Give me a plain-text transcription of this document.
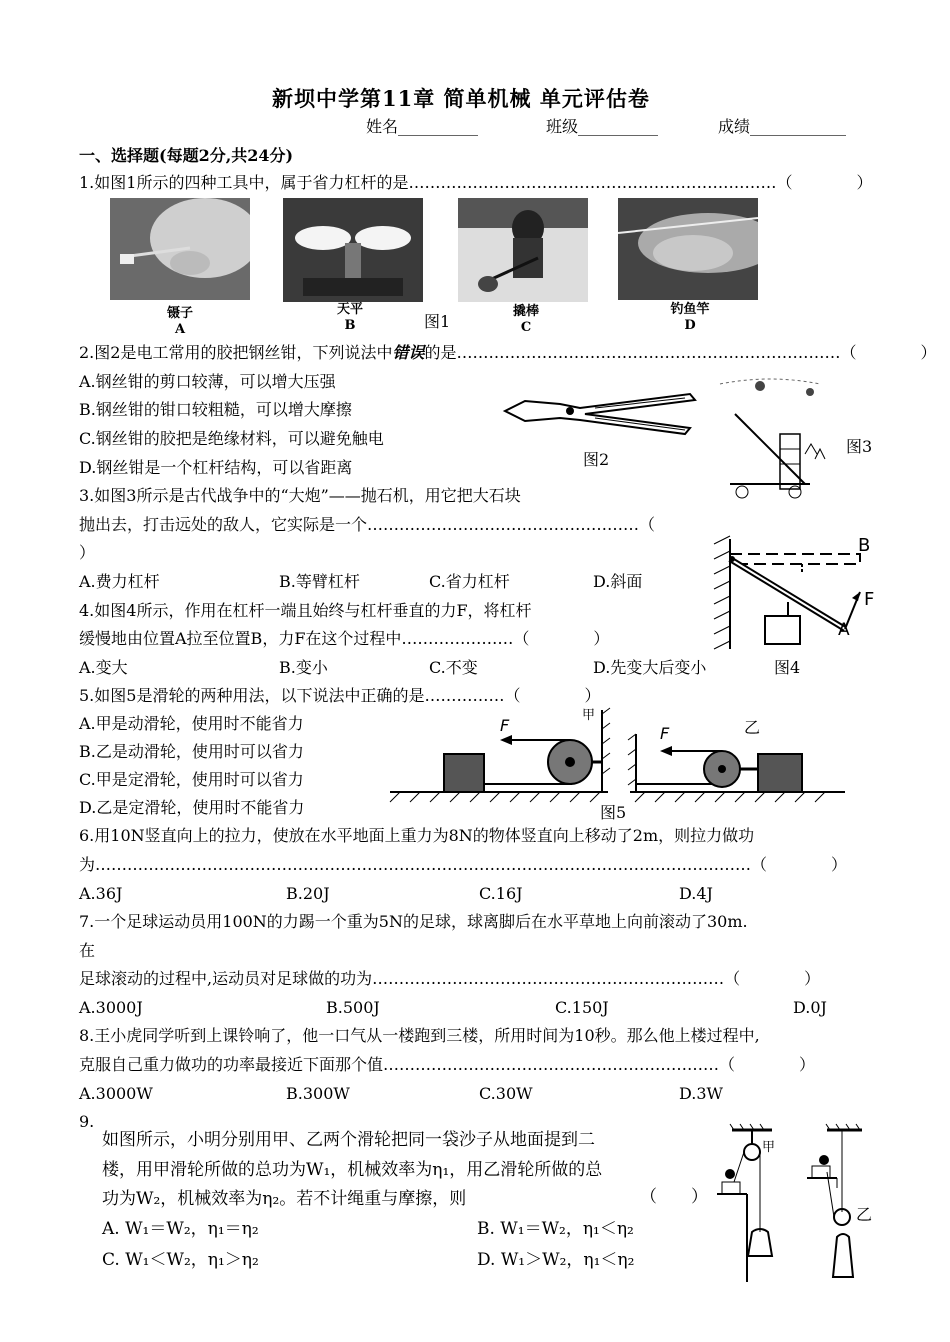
新坝中学第11章 简单机械 单元评估卷
姓名__________	班级__________	成绩____________
一、选择题(每题2分,共24分)
1.如图1所示的四种工具中，属于省力杠杆的是……………………………………………………………（　　　　）
镊子
A
天平
B	图1
撬棒
C
钓鱼竿
D
2.图2是电工常用的胶把钢丝钳，下列说法中错误的是………………………………………………………………（　　　　）
A.钢丝钳的剪口较薄，可以增大压强
B.钢丝钳的钳口较粗糙，可以增大摩擦
C.钢丝钳的胶把是绝缘材料，可以避免触电
D.钢丝钳是一个杠杆结构，可以省距离	图2
图3
3.如图3所示是古代战争中的“大炮”——抛石机，用它把大石块
抛出去，打击远处的敌人，它实际是一个……………………………………………（
）
A.费力杠杆	B.等臂杠杆	C.省力杠杆	D.斜面
B
F
A
4.如图4所示，作用在杠杆一端且始终与杠杆垂直的力F，将杠杆
缓慢地由位置A拉至位置B，力F在这个过程中…………………（　　　　）
A.变大	B.变小	C.不变	D.先变大后变小	图4
5.如图5是滑轮的两种用法，以下说法中正确的是……………（　　　　）
A.甲是动滑轮，使用时不能省力
B.乙是动滑轮，使用时可以省力
C.甲是定滑轮，使用时可以省力
D.乙是定滑轮，使用时不能省力
F
甲
F	乙
图5
6.用10N竖直向上的拉力，使放在水平地面上重力为8N的物体竖直向上移动了2m，则拉力做功
为……………………………………………………………………………………………………………（　　　　）
A.36J	B.20J	C.16J	D.4J
7.一个足球运动员用100N的力踢一个重为5N的足球，球离脚后在水平草地上向前滚动了30m.
在
足球滚动的过程中,运动员对足球做的功为…………………………………………………………（　　　　）
A.3000J	B.500J	C.150J	D.0J
8.王小虎同学听到上课铃响了，他一口气从一楼跑到三楼，所用时间为10秒。那么他上楼过程中,
克服自己重力做功的功率最接近下面那个值………………………………………………………（　　　　）
A.3000W	B.300W	C.30W	D.3W
9.
如图所示，小明分别用甲、乙两个滑轮把同一袋沙子从地面提到二
楼，用甲滑轮所做的总功为W₁，机械效率为η₁，用乙滑轮所做的总
功为W₂，机械效率为η₂。若不计绳重与摩擦，则	（　　）
A. W₁＝W₂，η₁＝η₂	B. W₁＝W₂，η₁＜η₂
C. W₁＜W₂，η₁＞η₂	D. W₁＞W₂，η₁＜η₂
甲
乙
